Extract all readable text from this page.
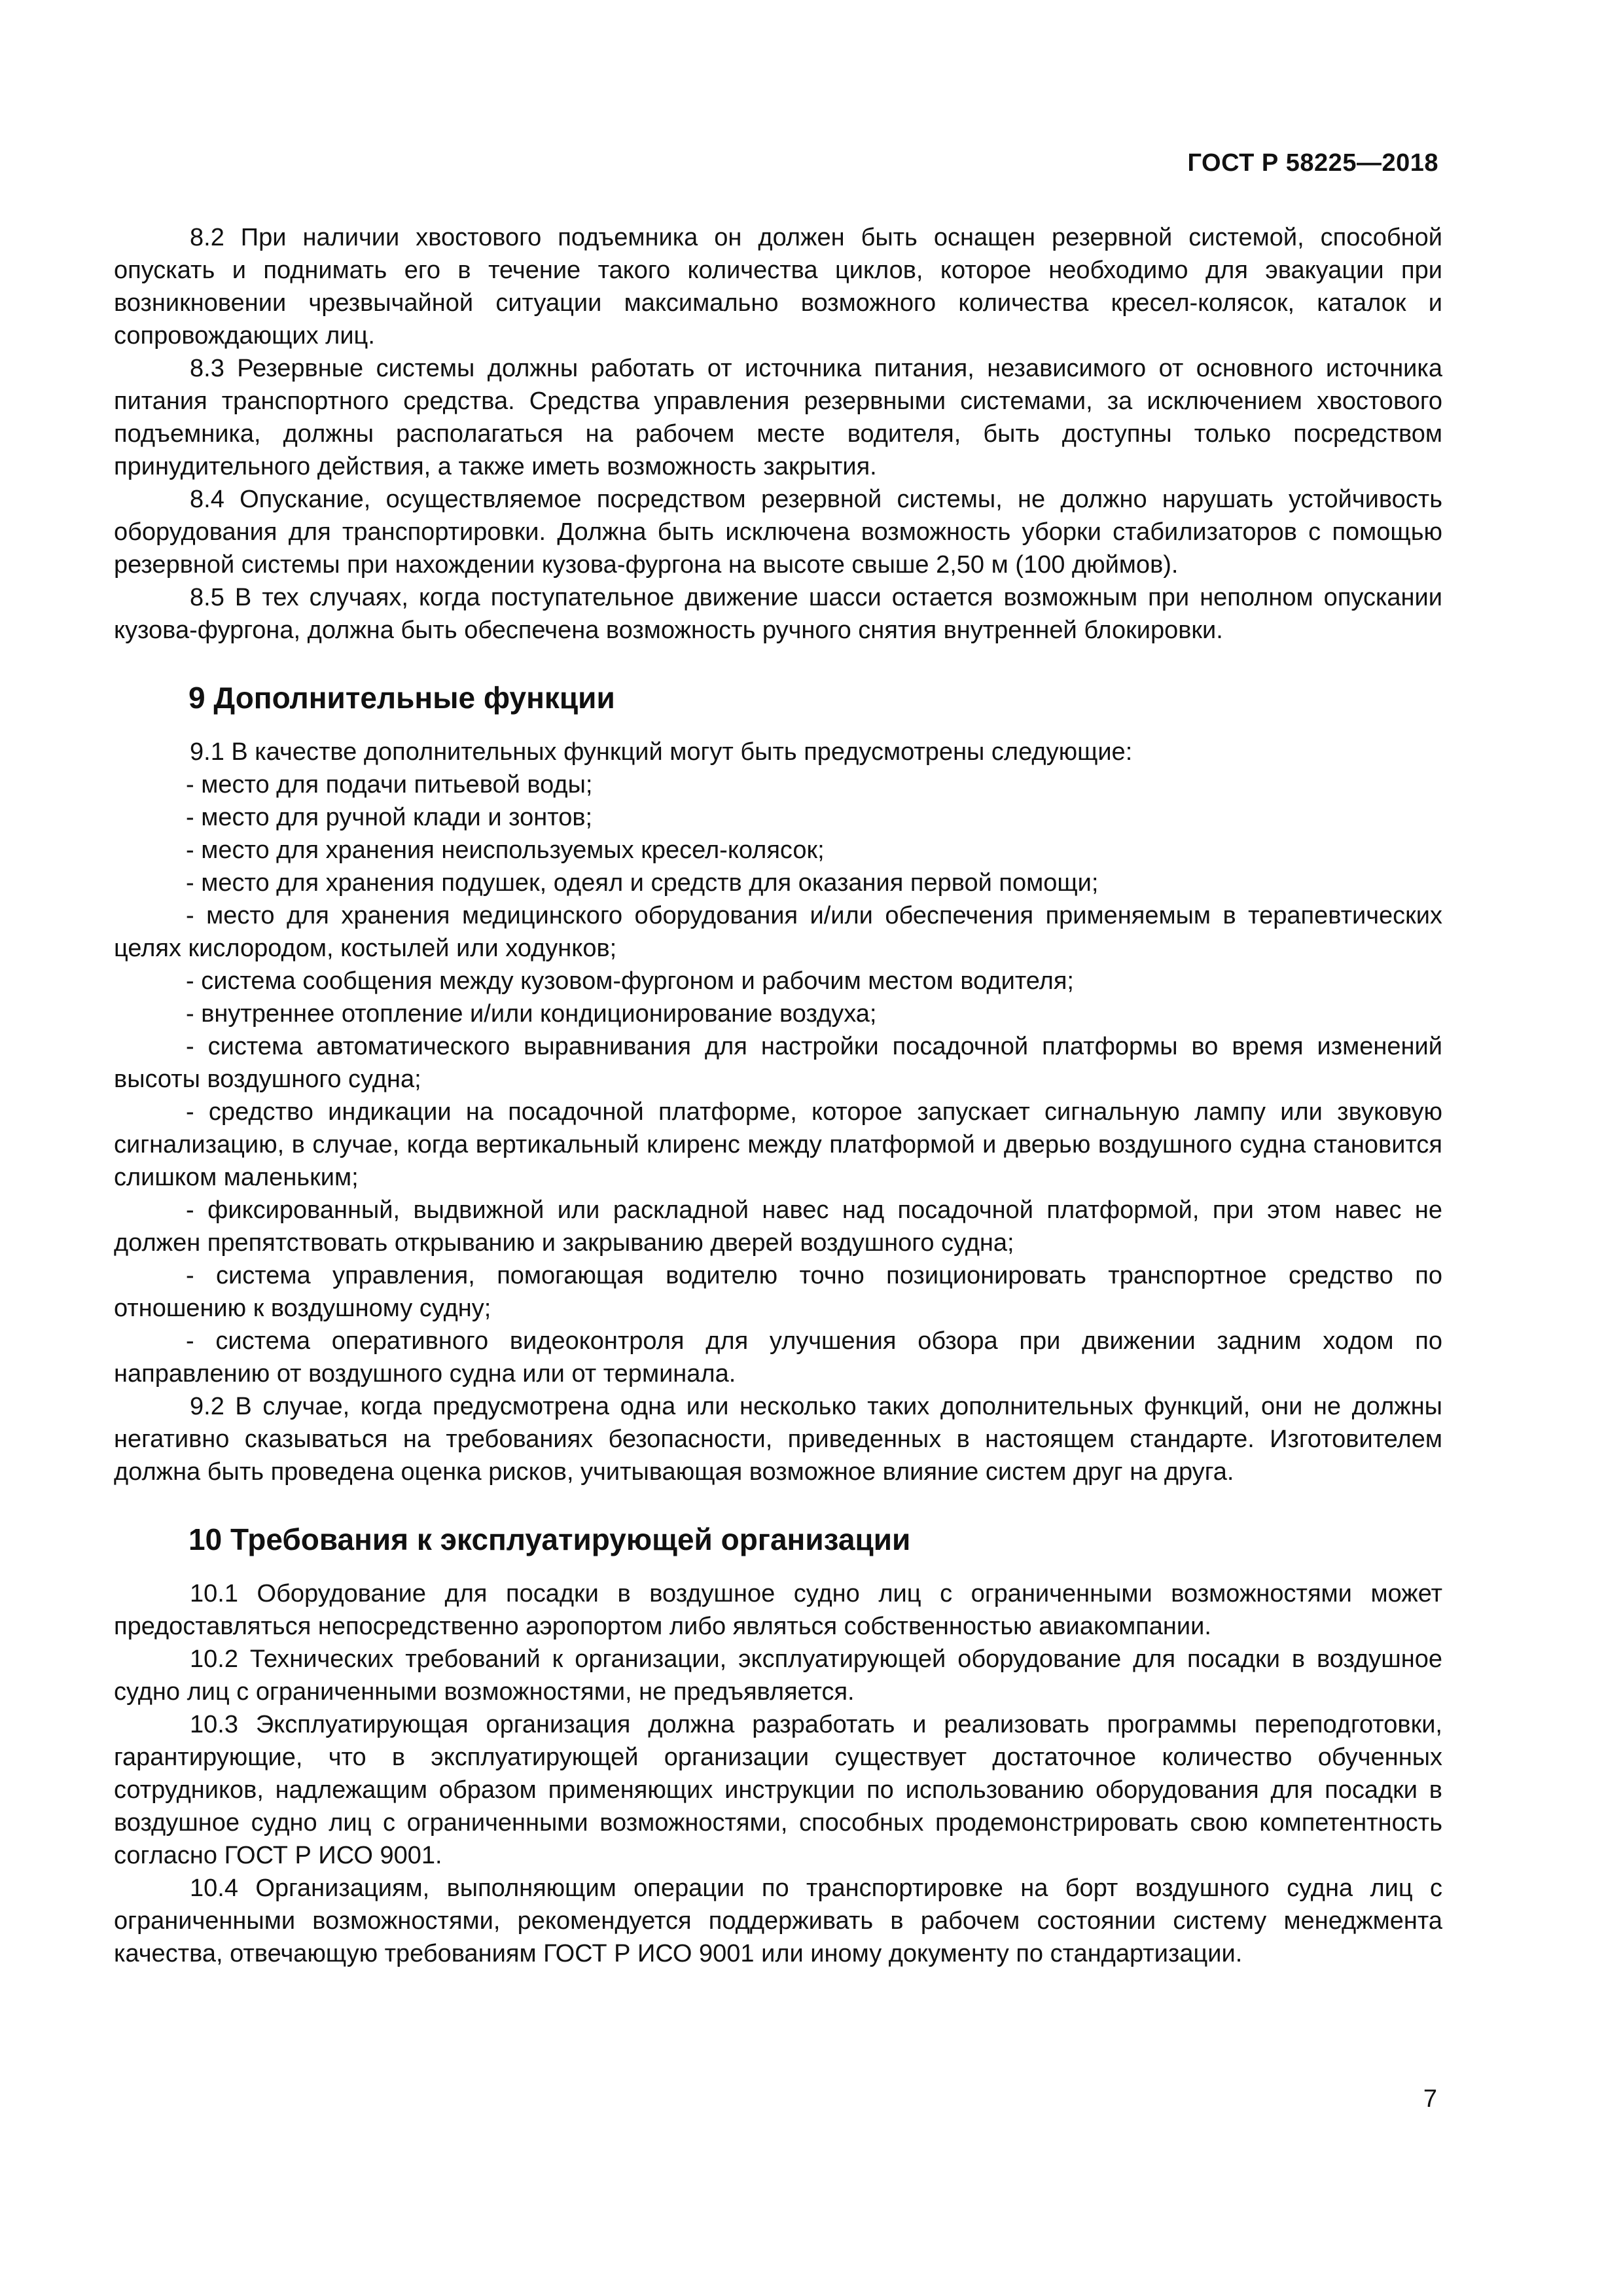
ГОСТ Р 58225—2018

8.2 При наличии хвостового подъемника он должен быть оснащен резервной системой, способной опускать и поднимать его в течение такого количества циклов, которое необходимо для эвакуации при возникновении чрезвычайной ситуации максимально возможного количества кресел-колясок, каталок и сопровождающих лиц.

8.3 Резервные системы должны работать от источника питания, независимого от основного источника питания транспортного средства. Средства управления резервными системами, за исключением хвостового подъемника, должны располагаться на рабочем месте водителя, быть доступны только посредством принудительного действия, а также иметь возможность закрытия.

8.4 Опускание, осуществляемое посредством резервной системы, не должно нарушать устойчивость оборудования для транспортировки. Должна быть исключена возможность уборки стабилизаторов с помощью резервной системы при нахождении кузова-фургона на высоте свыше 2,50 м (100 дюймов).

8.5 В тех случаях, когда поступательное движение шасси остается возможным при неполном опускании кузова-фургона, должна быть обеспечена возможность ручного снятия внутренней блокировки.

9 Дополнительные функции

9.1 В качестве дополнительных функций могут быть предусмотрены следующие:

- место для подачи питьевой воды;

- место для ручной клади и зонтов;

- место для хранения неиспользуемых кресел-колясок;

- место для хранения подушек, одеял и средств для оказания первой помощи;

- место для хранения медицинского оборудования и/или обеспечения применяемым в терапевтических целях кислородом, костылей или ходунков;

- система сообщения между кузовом-фургоном и рабочим местом водителя;

- внутреннее отопление и/или кондиционирование воздуха;

- система автоматического выравнивания для настройки посадочной платформы во время изменений высоты воздушного судна;

- средство индикации на посадочной платформе, которое запускает сигнальную лампу или звуковую сигнализацию, в случае, когда вертикальный клиренс между платформой и дверью воздушного судна становится слишком маленьким;

- фиксированный, выдвижной или раскладной навес над посадочной платформой, при этом навес не должен препятствовать открыванию и закрыванию дверей воздушного судна;

- система управления, помогающая водителю точно позиционировать транспортное средство по отношению к воздушному судну;

- система оперативного видеоконтроля для улучшения обзора при движении задним ходом по направлению от воздушного судна или от терминала.

9.2 В случае, когда предусмотрена одна или несколько таких дополнительных функций, они не должны негативно сказываться на требованиях безопасности, приведенных в настоящем стандарте. Изготовителем должна быть проведена оценка рисков, учитывающая возможное влияние систем друг на друга.

10 Требования к эксплуатирующей организации

10.1 Оборудование для посадки в воздушное судно лиц с ограниченными возможностями может предоставляться непосредственно аэропортом либо являться собственностью авиакомпании.

10.2 Технических требований к организации, эксплуатирующей оборудование для посадки в воздушное судно лиц с ограниченными возможностями, не предъявляется.

10.3 Эксплуатирующая организация должна разработать и реализовать программы переподготовки, гарантирующие, что в эксплуатирующей организации существует достаточное количество обученных сотрудников, надлежащим образом применяющих инструкции по использованию оборудования для посадки в воздушное судно лиц с ограниченными возможностями, способных продемонстрировать свою компетентность согласно ГОСТ Р ИСО 9001.

10.4 Организациям, выполняющим операции по транспортировке на борт воздушного судна лиц с ограниченными возможностями, рекомендуется поддерживать в рабочем состоянии систему менеджмента качества, отвечающую требованиям ГОСТ Р ИСО 9001 или иному документу по стандартизации.

7
